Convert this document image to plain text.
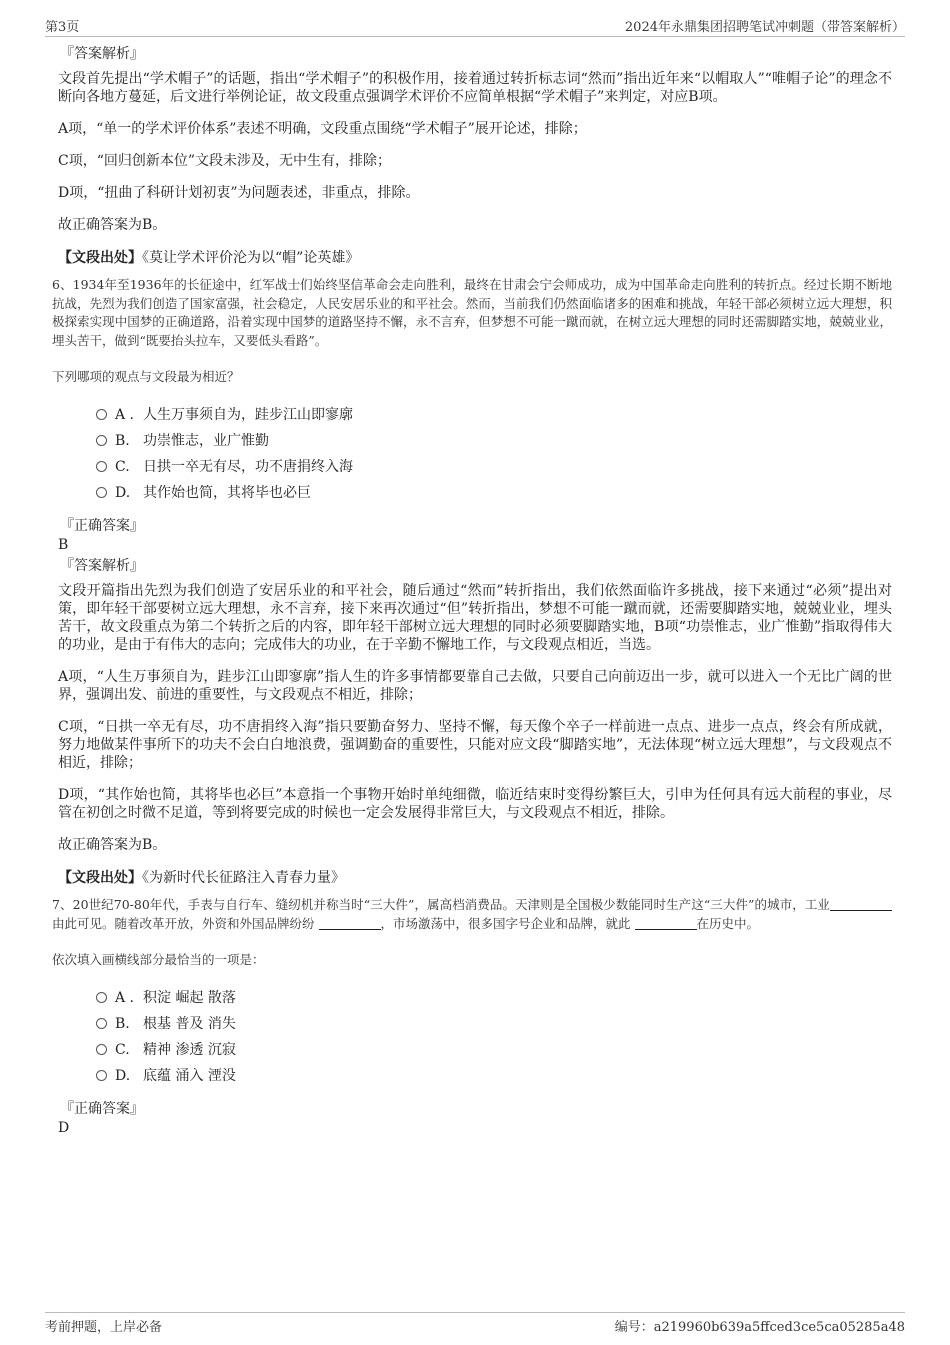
第3页	2024年永鼎集团招聘笔试冲刺题（带答案解析）
『答案解析』
文段首先提出“学术帽子”的话题，指出“学术帽子”的积极作用，接着通过转折标志词“然而”指出近年来“以帽取人”“唯帽子论”的理念不断向各地方蔓延，后文进行举例论证，故文段重点强调学术评价不应简单根据“学术帽子”来判定，对应B项。
A项，“单一的学术评价体系”表述不明确，文段重点围绕“学术帽子”展开论述，排除；
C项，“回归创新本位”文段未涉及，无中生有，排除；
D项，“扭曲了科研计划初衷”为问题表述，非重点，排除。
故正确答案为B。
【文段出处】《莫让学术评价沦为以“帽”论英雄》
6、1934年至1936年的长征途中，红军战士们始终坚信革命会走向胜利，最终在甘肃会宁会师成功，成为中国革命走向胜利的转折点。经过长期不断地抗战，先烈为我们创造了国家富强，社会稳定，人民安居乐业的和平社会。然而，当前我们仍然面临诸多的困难和挑战，年轻干部必须树立远大理想，积极探索实现中国梦的正确道路，沿着实现中国梦的道路坚持不懈，永不言弃，但梦想不可能一蹴而就，在树立远大理想的同时还需脚踏实地，兢兢业业，埋头苦干，做到“既要抬头拉车，又要低头看路”。
下列哪项的观点与文段最为相近？
A . 人生万事须自为，跬步江山即寥廓
B. 功崇惟志，业广惟勤
C. 日拱一卒无有尽，功不唐捐终入海
D. 其作始也简，其将毕也必巨
『正确答案』
B
『答案解析』
文段开篇指出先烈为我们创造了安居乐业的和平社会，随后通过“然而”转折指出，我们依然面临许多挑战，接下来通过“必须”提出对策，即年轻干部要树立远大理想，永不言弃，接下来再次通过“但”转折指出，梦想不可能一蹴而就，还需要脚踏实地，兢兢业业，埋头苦干，故文段重点为第二个转折之后的内容，即年轻干部树立远大理想的同时必须要脚踏实地，B项“功崇惟志，业广惟勤”指取得伟大的功业，是由于有伟大的志向；完成伟大的功业，在于辛勤不懈地工作，与文段观点相近，当选。
A项，“人生万事须自为，跬步江山即寥廓”指人生的许多事情都要靠自己去做，只要自己向前迈出一步，就可以进入一个无比广阔的世界，强调出发、前进的重要性，与文段观点不相近，排除；
C项，“日拱一卒无有尽，功不唐捐终入海”指只要勤奋努力、坚持不懈，每天像个卒子一样前进一点点、进步一点点，终会有所成就，努力地做某件事所下的功夫不会白白地浪费，强调勤奋的重要性，只能对应文段“脚踏实地”，无法体现“树立远大理想”，与文段观点不相近，排除；
D项，“其作始也简，其将毕也必巨”本意指一个事物开始时单纯细微，临近结束时变得纷繁巨大，引申为任何具有远大前程的事业，尽管在初创之时微不足道，等到将要完成的时候也一定会发展得非常巨大，与文段观点不相近，排除。
故正确答案为B。
【文段出处】《为新时代长征路注入青春力量》
7、20世纪70-80年代，手表与自行车、缝纫机并称当时“三大件”，属高档消费品。天津则是全国极少数能同时生产这“三大件”的城市，工业由此可见。随着改革开放，外资和外国品牌纷纷	，市场激荡中，很多国字号企业和品牌，就此	在历史中。
依次填入画横线部分最恰当的一项是：
A . 积淀 崛起 散落
B. 根基 普及 消失
C. 精神 渗透 沉寂
D. 底蕴 涌入 湮没
『正确答案』
D
考前押题，上岸必备	编号：a219960b639a5ffced3ce5ca05285a48
